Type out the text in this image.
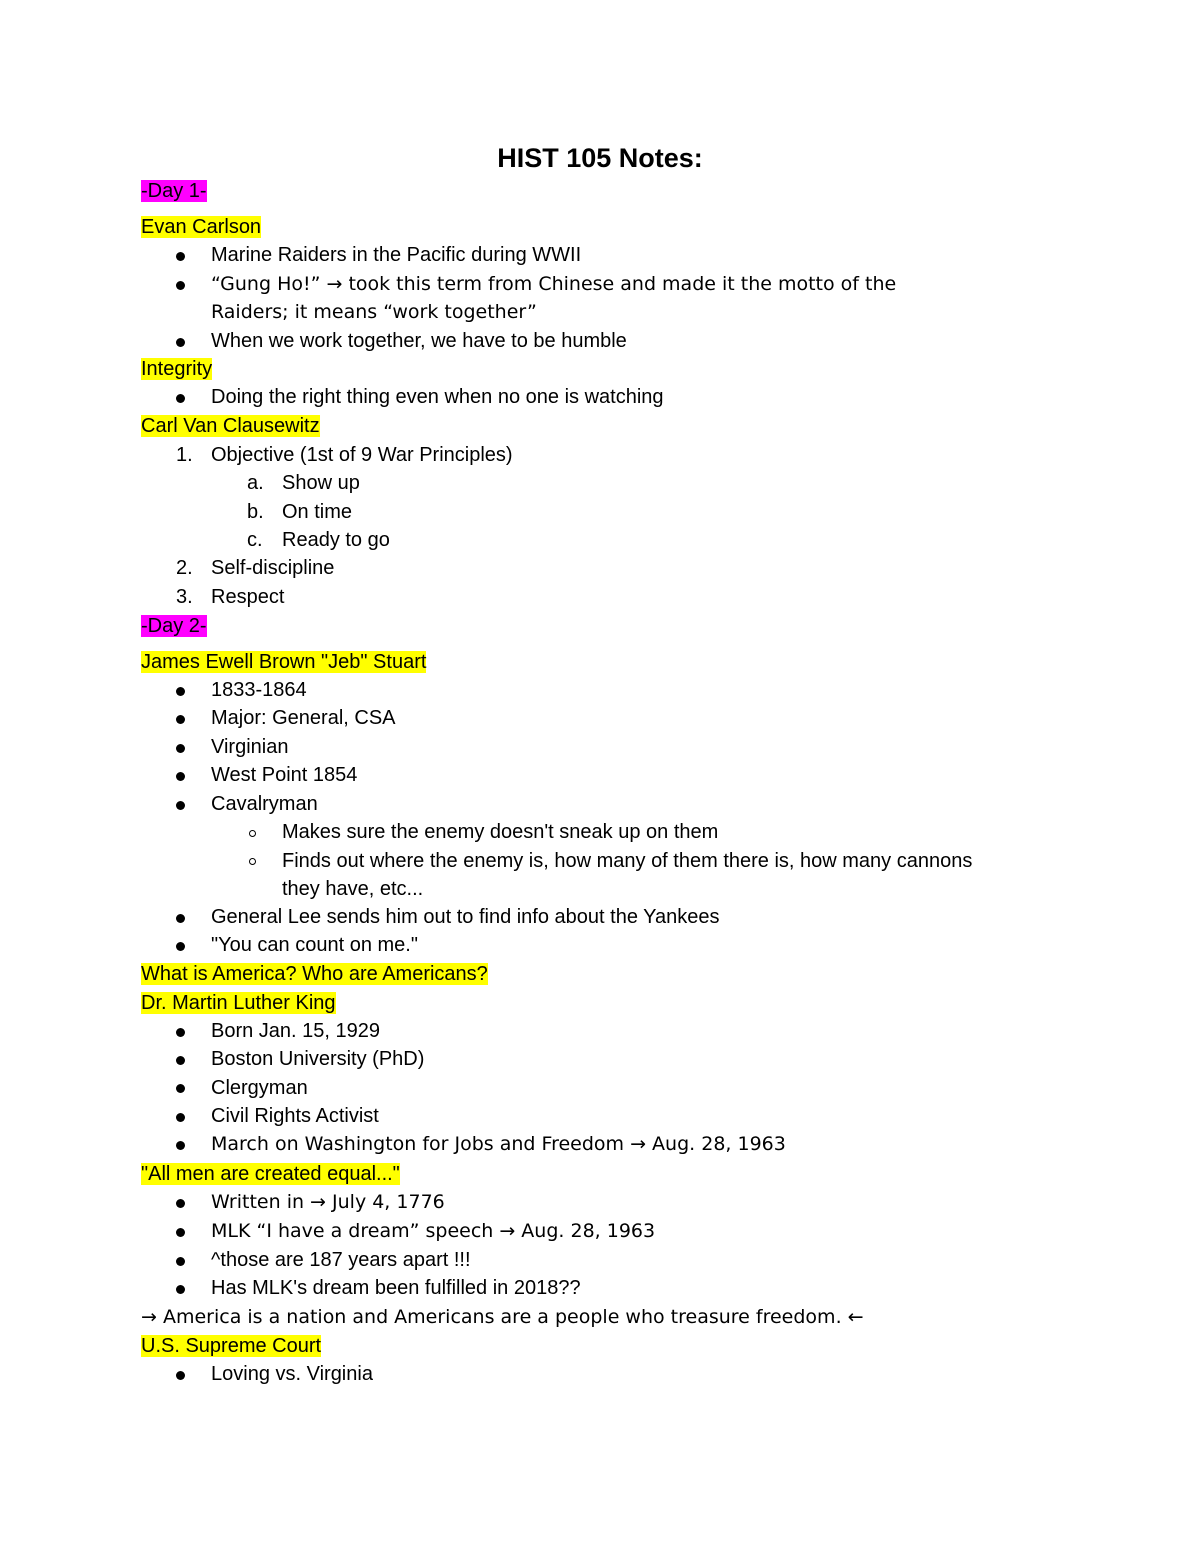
HIST 105 Notes:
-Day 1-
Evan Carlson
Marine Raiders in the Pacific during WWII
“Gung Ho!” → took this term from Chinese and made it the motto of the
Raiders; it means “work together”
When we work together, we have to be humble
Integrity
Doing the right thing even when no one is watching
Carl Van Clausewitz
1. Objective (1st of 9 War Principles)
a. Show up
b. On time
c. Ready to go
2. Self-discipline
3. Respect
-Day 2-
James Ewell Brown "Jeb" Stuart
1833-1864
Major: General, CSA
Virginian
West Point 1854
Cavalryman
Makes sure the enemy doesn't sneak up on them
Finds out where the enemy is, how many of them there is, how many cannons
they have, etc...
General Lee sends him out to find info about the Yankees
"You can count on me."
What is America? Who are Americans?
Dr. Martin Luther King
Born Jan. 15, 1929
Boston University (PhD)
Clergyman
Civil Rights Activist
March on Washington for Jobs and Freedom → Aug. 28, 1963
"All men are created equal..."
Written in → July 4, 1776
MLK “I have a dream” speech → Aug. 28, 1963
^those are 187 years apart !!!
Has MLK's dream been fulfilled in 2018??
→ America is a nation and Americans are a people who treasure freedom. ←
U.S. Supreme Court
Loving vs. Virginia
